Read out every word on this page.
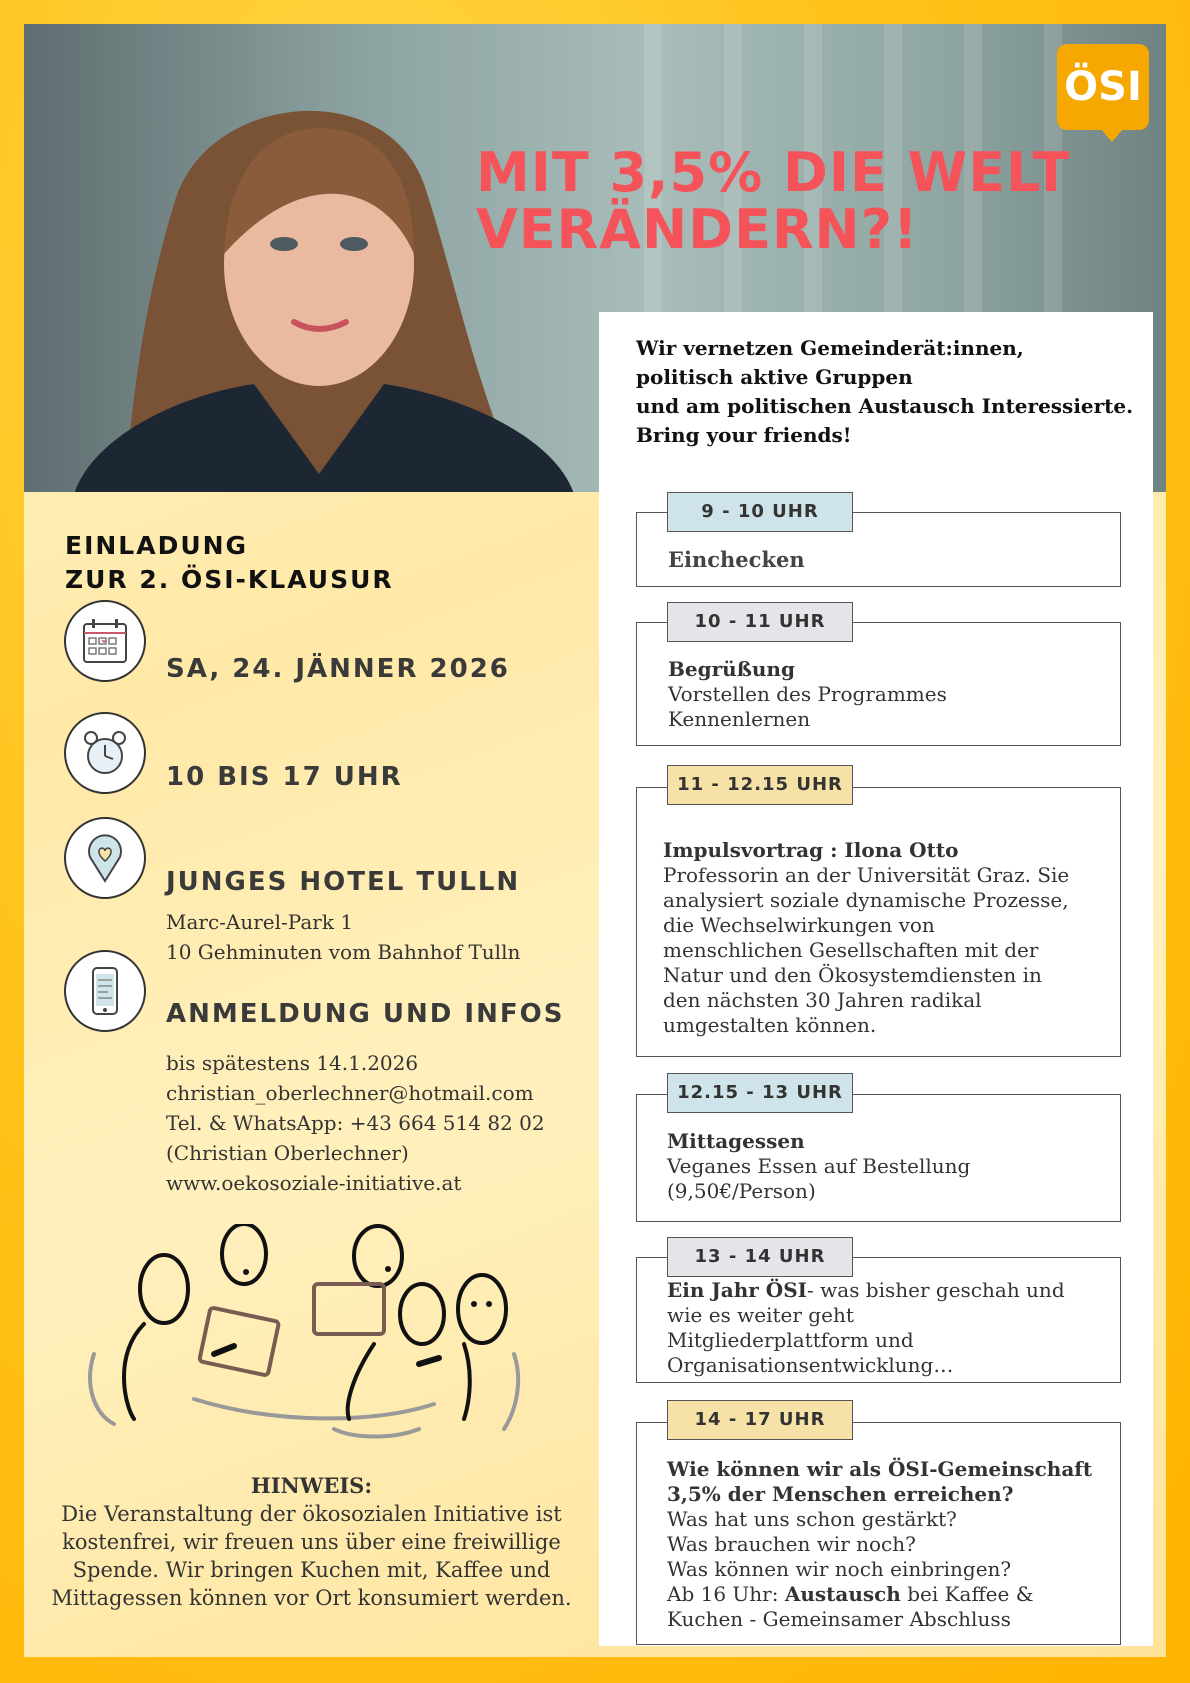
MIT 3,5% DIE WELT VERÄNDERN?!
ÖSI
EINLADUNG
ZUR 2. ÖSI-KLAUSUR
SA, 24. JÄNNER 2026
10 BIS 17 UHR
JUNGES HOTEL TULLN
Marc-Aurel-Park 1
10 Gehminuten vom Bahnhof Tulln
ANMELDUNG UND INFOS
bis spätestens 14.1.2026
christian_oberlechner@hotmail.com
Tel. & WhatsApp: +43 664 514 82 02
(Christian Oberlechner)
www.oekosoziale-initiative.at
HINWEIS:
Die Veranstaltung der ökosozialen Initiative ist kostenfrei, wir freuen uns über eine freiwillige Spende. Wir bringen Kuchen mit, Kaffee und Mittagessen können vor Ort konsumiert werden.

Wir vernetzen Gemeinderät:innen,
politisch aktive Gruppen
und am politischen Austausch Interessierte.
Bring your friends!

Einchecken
9 - 10 UHR
Begrüßung
Vorstellen des Programmes
Kennenlernen
10 - 11 UHR
Impulsvortrag : Ilona Otto
Professorin an der Universität Graz. Sie
analysiert soziale dynamische Prozesse,
die Wechselwirkungen von
menschlichen Gesellschaften mit der
Natur und den Ökosystemdiensten in
den nächsten 30 Jahren radikal
umgestalten können.
11 - 12.15 UHR
Mittagessen
Veganes Essen auf Bestellung
(9,50€/Person)
12.15 - 13 UHR
Ein Jahr ÖSI- was bisher geschah und
wie es weiter geht
Mitgliederplattform und
Organisationsentwicklung…
13 - 14 UHR
Wie können wir als ÖSI-Gemeinschaft
3,5% der Menschen erreichen?
Was hat uns schon gestärkt?
Was brauchen wir noch?
Was können wir noch einbringen?
Ab 16 Uhr: Austausch bei Kaffee &
Kuchen - Gemeinsamer Abschluss
14 - 17 UHR
